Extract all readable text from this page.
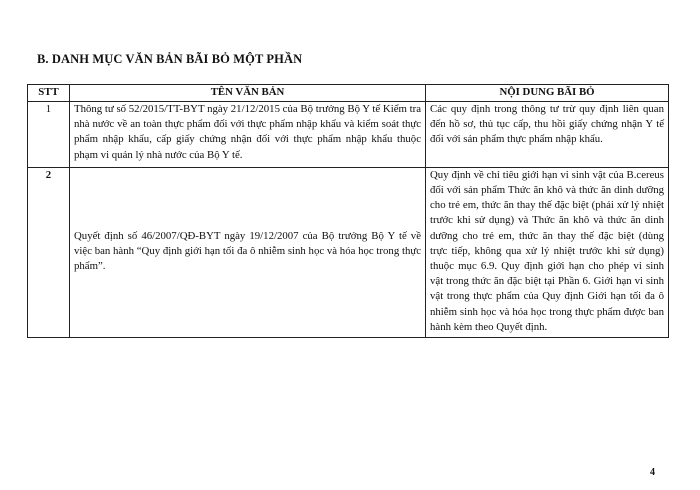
B. DANH MỤC VĂN BẢN BÃI BỎ MỘT PHẦN
STT	TÊN VĂN BẢN	NỘI DUNG BÃI BỎ
1	Thông tư số 52/2015/TT-BYT ngày 21/12/2015 của Bộ trưởng Bộ Y tế Kiểm tra nhà nước về an toàn thực phẩm đối với thực phẩm nhập khẩu và kiểm soát thực phẩm nhập khẩu, cấp giấy chứng nhận đối với thực phẩm nhập khẩu thuộc phạm vi quản lý nhà nước của Bộ Y tế.	Các quy định trong thông tư trừ quy định liên quan đến hồ sơ, thủ tục cấp, thu hồi giấy chứng nhận Y tế đối với sản phẩm thực phẩm nhập khẩu.
2	Quyết định số 46/2007/QĐ-BYT ngày 19/12/2007 của Bộ trưởng Bộ Y tế về việc ban hành “Quy định giới hạn tối đa ô nhiễm sinh học và hóa học trong thực phẩm”.	Quy định về chỉ tiêu giới hạn vi sinh vật của B.cereus đối với sản phẩm Thức ăn khô và thức ăn dinh dưỡng cho trẻ em, thức ăn thay thế đặc biệt (phải xử lý nhiệt trước khi sử dụng) và Thức ăn khô và thức ăn dinh dưỡng cho trẻ em, thức ăn thay thế đặc biệt (dùng trực tiếp, không qua xử lý nhiệt trước khi sử dụng) thuộc mục 6.9. Quy định giới hạn cho phép vi sinh vật trong thức ăn đặc biệt tại Phần 6. Giới hạn vi sinh vật trong thực phẩm của Quy định Giới hạn tối đa ô nhiễm sinh học và hóa học trong thực phẩm được ban hành kèm theo Quyết định.
4
